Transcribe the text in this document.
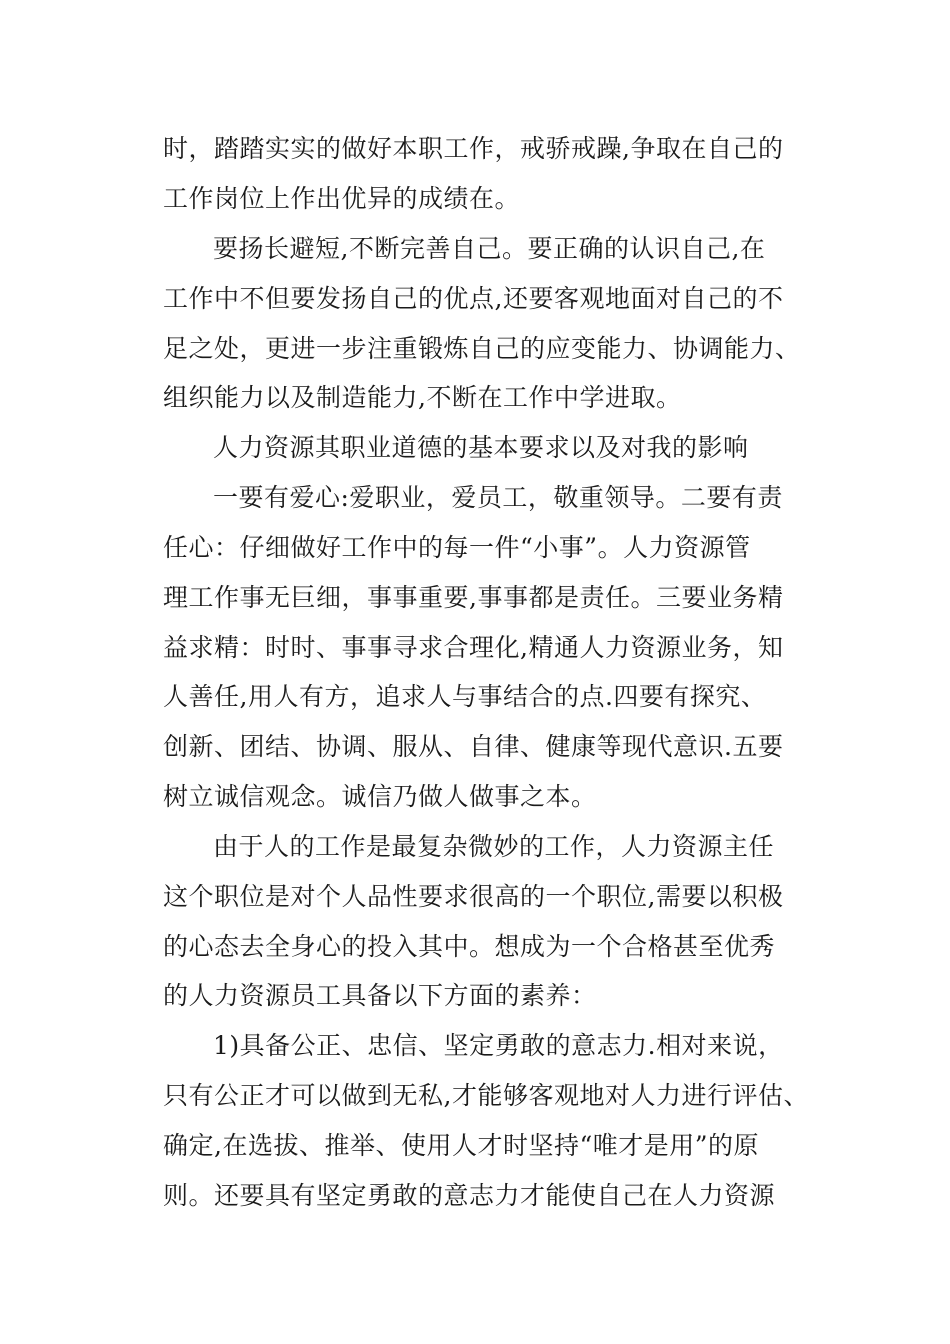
时，踏踏实实的做好本职工作，戒骄戒躁,争取在自己的
工作岗位上作出优异的成绩在。
要扬长避短,不断完善自己。要正确的认识自己,在
工作中不但要发扬自己的优点,还要客观地面对自己的不
足之处，更进一步注重锻炼自己的应变能力、协调能力、
组织能力以及制造能力,不断在工作中学进取。
人力资源其职业道德的基本要求以及对我的影响
一要有爱心:爱职业，爱员工，敬重领导。二要有责
任心：仔细做好工作中的每一件“小事”。人力资源管
理工作事无巨细，事事重要,事事都是责任。三要业务精
益求精：时时、事事寻求合理化,精通人力资源业务，知
人善任,用人有方，追求人与事结合的点.四要有探究、
创新、团结、协调、服从、自律、健康等现代意识.五要
树立诚信观念。诚信乃做人做事之本。
由于人的工作是最复杂微妙的工作，人力资源主任
这个职位是对个人品性要求很高的一个职位,需要以积极
的心态去全身心的投入其中。想成为一个合格甚至优秀
的人力资源员工具备以下方面的素养：
1)具备公正、忠信、坚定勇敢的意志力.相对来说，
只有公正才可以做到无私,才能够客观地对人力进行评估、
确定,在选拔、推举、使用人才时坚持“唯才是用”的原
则。还要具有坚定勇敢的意志力才能使自己在人力资源
